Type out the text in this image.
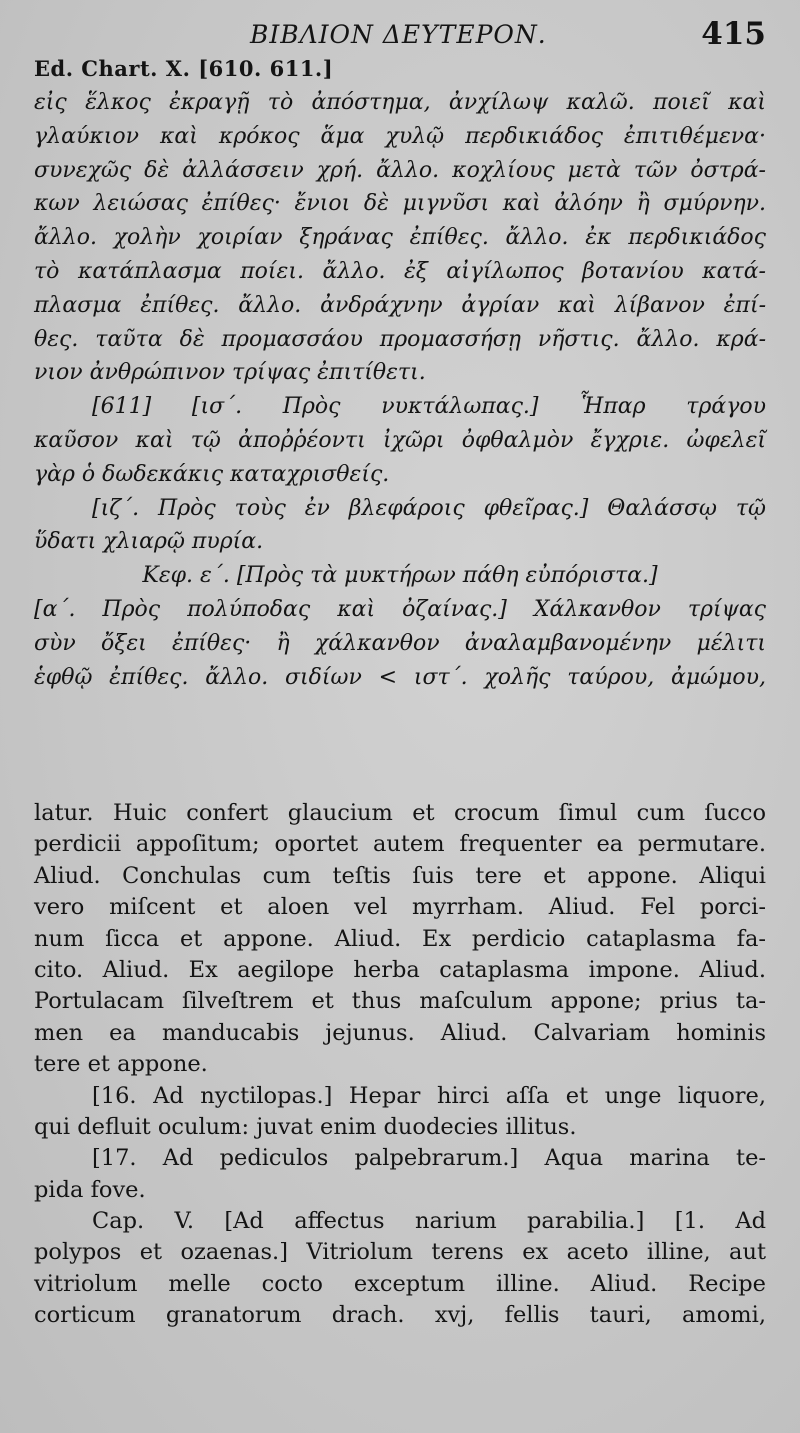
ΒΙΒΛΙΟΝ ΔΕΥΤΕΡΟΝ.	415
Ed. Chart. X. [610. 611.]
εἰς ἕλκος ἐκραγῇ τὸ ἀπόστημα, ἀνχίλωψ καλῶ. ποιεῖ καὶ
γλαύκιον καὶ κρόκος ἅμα χυλῷ περδικιάδος ἐπιτιθέμενα·
συνεχῶς δὲ ἀλλάσσειν χρή. ἄλλο. κοχλίους μετὰ τῶν ὀστρά-
κων λειώσας ἐπίθες· ἔνιοι δὲ μιγνῦσι καὶ ἀλόην ἢ σμύρνην.
ἄλλο. χολὴν χοιρίαν ξηράνας ἐπίθες. ἄλλο. ἐκ περδικιάδος
τὸ κατάπλασμα ποίει. ἄλλο. ἐξ αἰγίλωπος βοτανίου κατά-
πλασμα ἐπίθες. ἄλλο. ἀνδράχνην ἀγρίαν καὶ λίβανον ἐπί-
θες. ταῦτα δὲ προμασσάου προμασσήσῃ νῆστις. ἄλλο. κρά-
νιον ἀνθρώπινον τρίψας ἐπιτίθετι.
[611] [ισ΄. Πρὸς νυκτάλωπας.] Ἧπαρ τράγου
καῦσον καὶ τῷ ἀποῤῥέοντι ἰχῶρι ὀφθαλμὸν ἔγχριε. ὠφελεῖ
γὰρ ὁ δωδεκάκις καταχρισθείς.
[ιζ΄. Πρὸς τοὺς ἐν βλεφάροις φθεῖρας.] Θαλάσσῳ τῷ
ὕδατι χλιαρῷ πυρία.
Κεφ. ε΄. [Πρὸς τὰ μυκτήρων πάθη εὐπόριστα.]
[α΄. Πρὸς πολύποδας καὶ ὀζαίνας.] Χάλκανθον τρίψας
σὺν ὄξει ἐπίθες· ἢ χάλκανθον ἀναλαμβανομένην μέλιτι
ἑφθῷ ἐπίθες. ἄλλο. σιδίων < ιστ΄. χολῆς ταύρου, ἀμώμου,
latur. Huic confert glaucium et crocum ſimul cum ſucco
perdicii appoſitum; oportet autem frequenter ea permutare.
Aliud. Conchulas cum teſtis ſuis tere et appone. Aliqui
vero miſcent et aloen vel myrrham. Aliud. Fel porci-
num ſicca et appone. Aliud. Ex perdicio cataplasma fa-
cito. Aliud. Ex aegilope herba cataplasma impone. Aliud.
Portulacam ſilveſtrem et thus maſculum appone; prius ta-
men ea manducabis jejunus. Aliud. Calvariam hominis
tere et appone.
[16. Ad nyctilopas.] Hepar hirci aſſa et unge liquore,
qui defluit oculum: juvat enim duodecies illitus.
[17. Ad pediculos palpebrarum.] Aqua marina te-
pida fove.
Cap. V. [Ad affectus narium parabilia.] [1. Ad
polypos et ozaenas.] Vitriolum terens ex aceto illine, aut
vitriolum melle cocto exceptum illine. Aliud. Recipe
corticum granatorum drach. xvj, fellis tauri, amomi,
